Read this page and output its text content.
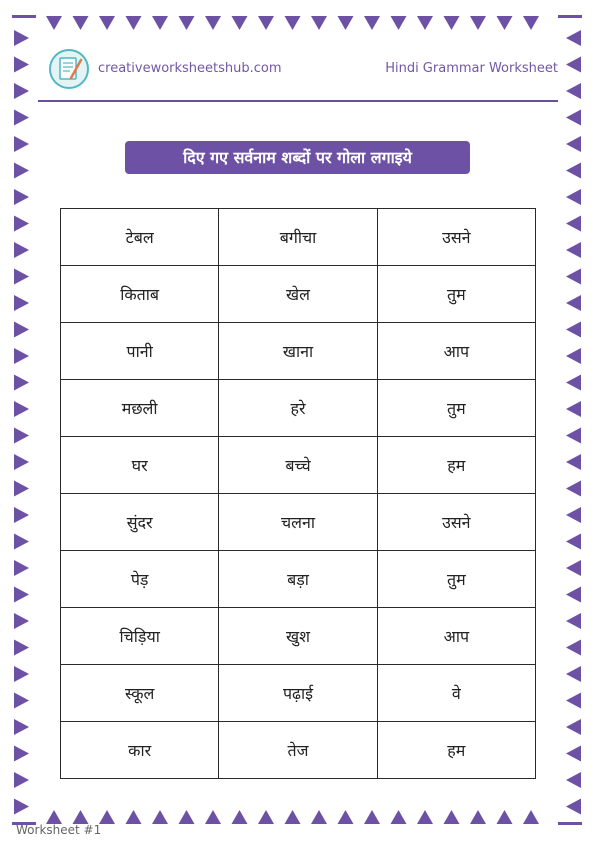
creativeworksheetshub.com	Hindi Grammar Worksheet
दिए गए सर्वनाम शब्दों पर गोला लगाइये
टेबल	बगीचा	उसने
किताब	खेल	तुम
पानी	खाना	आप
मछली	हरे	तुम
घर	बच्चे	हम
सुंदर	चलना	उसने
पेड़	बड़ा	तुम
चिड़िया	खुश	आप
स्कूल	पढ़ाई	वे
कार	तेज	हम
Worksheet #1
